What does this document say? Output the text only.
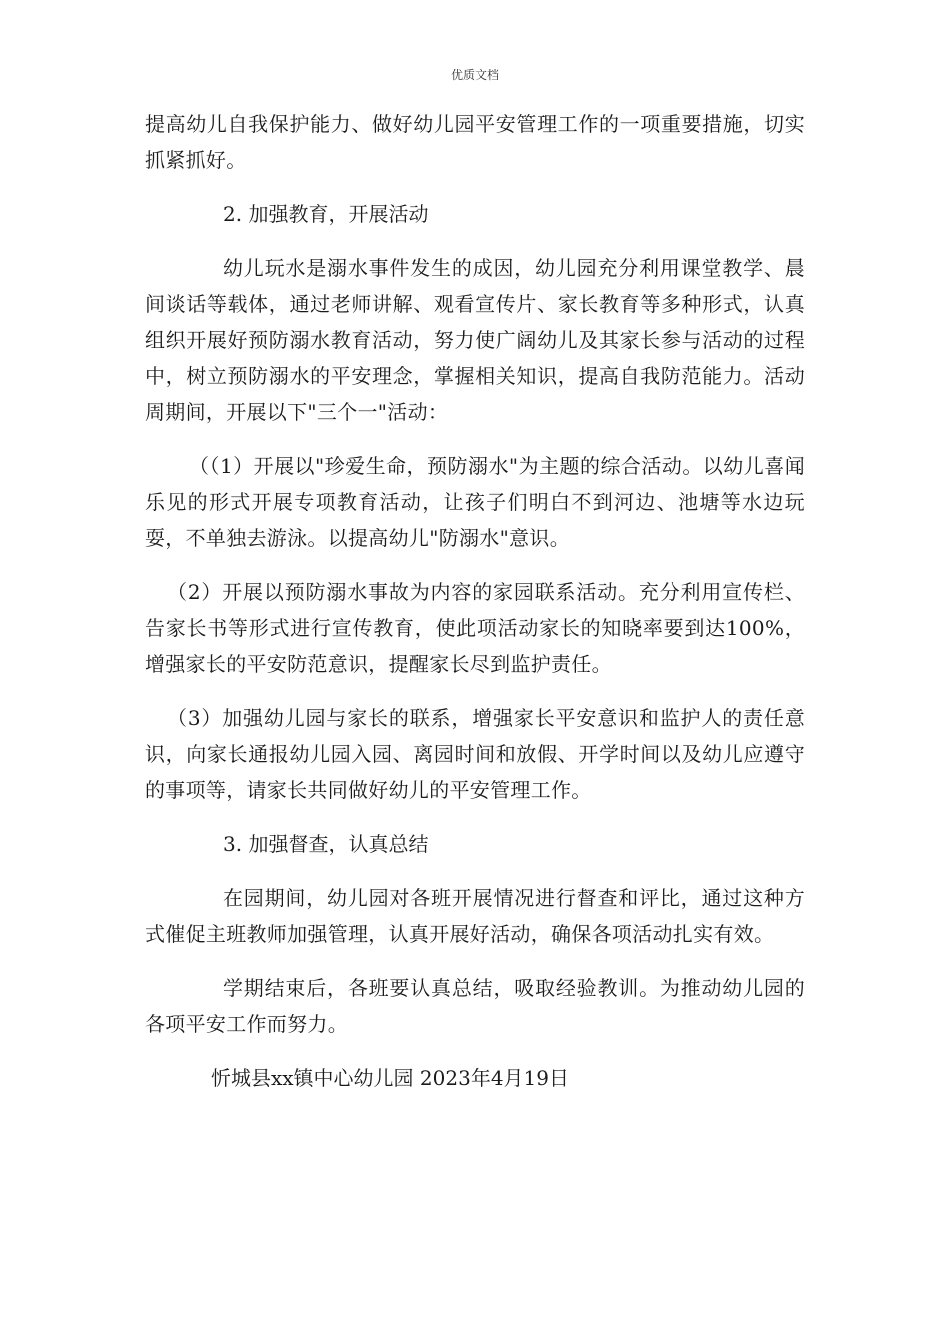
优质文档

提高幼儿自我保护能力、做好幼儿园平安管理工作的一项重要措施，切实抓紧抓好。

2. 加强教育，开展活动

幼儿玩水是溺水事件发生的成因，幼儿园充分利用课堂教学、晨间谈话等载体，通过老师讲解、观看宣传片、家长教育等多种形式，认真组织开展好预防溺水教育活动，努力使广阔幼儿及其家长参与活动的过程中，树立预防溺水的平安理念，掌握相关知识，提高自我防范能力。活动周期间，开展以下"三个一"活动：

（（1）开展以"珍爱生命，预防溺水"为主题的综合活动。以幼儿喜闻乐见的形式开展专项教育活动，让孩子们明白不到河边、池塘等水边玩耍，不单独去游泳。以提高幼儿"防溺水"意识。

（2）开展以预防溺水事故为内容的家园联系活动。充分利用宣传栏、告家长书等形式进行宣传教育，使此项活动家长的知晓率要到达100%，增强家长的平安防范意识，提醒家长尽到监护责任。

（3）加强幼儿园与家长的联系，增强家长平安意识和监护人的责任意识，向家长通报幼儿园入园、离园时间和放假、开学时间以及幼儿应遵守的事项等，请家长共同做好幼儿的平安管理工作。

3. 加强督查，认真总结

在园期间，幼儿园对各班开展情况进行督查和评比，通过这种方式催促主班教师加强管理，认真开展好活动，确保各项活动扎实有效。

学期结束后，各班要认真总结，吸取经验教训。为推动幼儿园的各项平安工作而努力。

忻城县xx镇中心幼儿园 2023年4月19日
